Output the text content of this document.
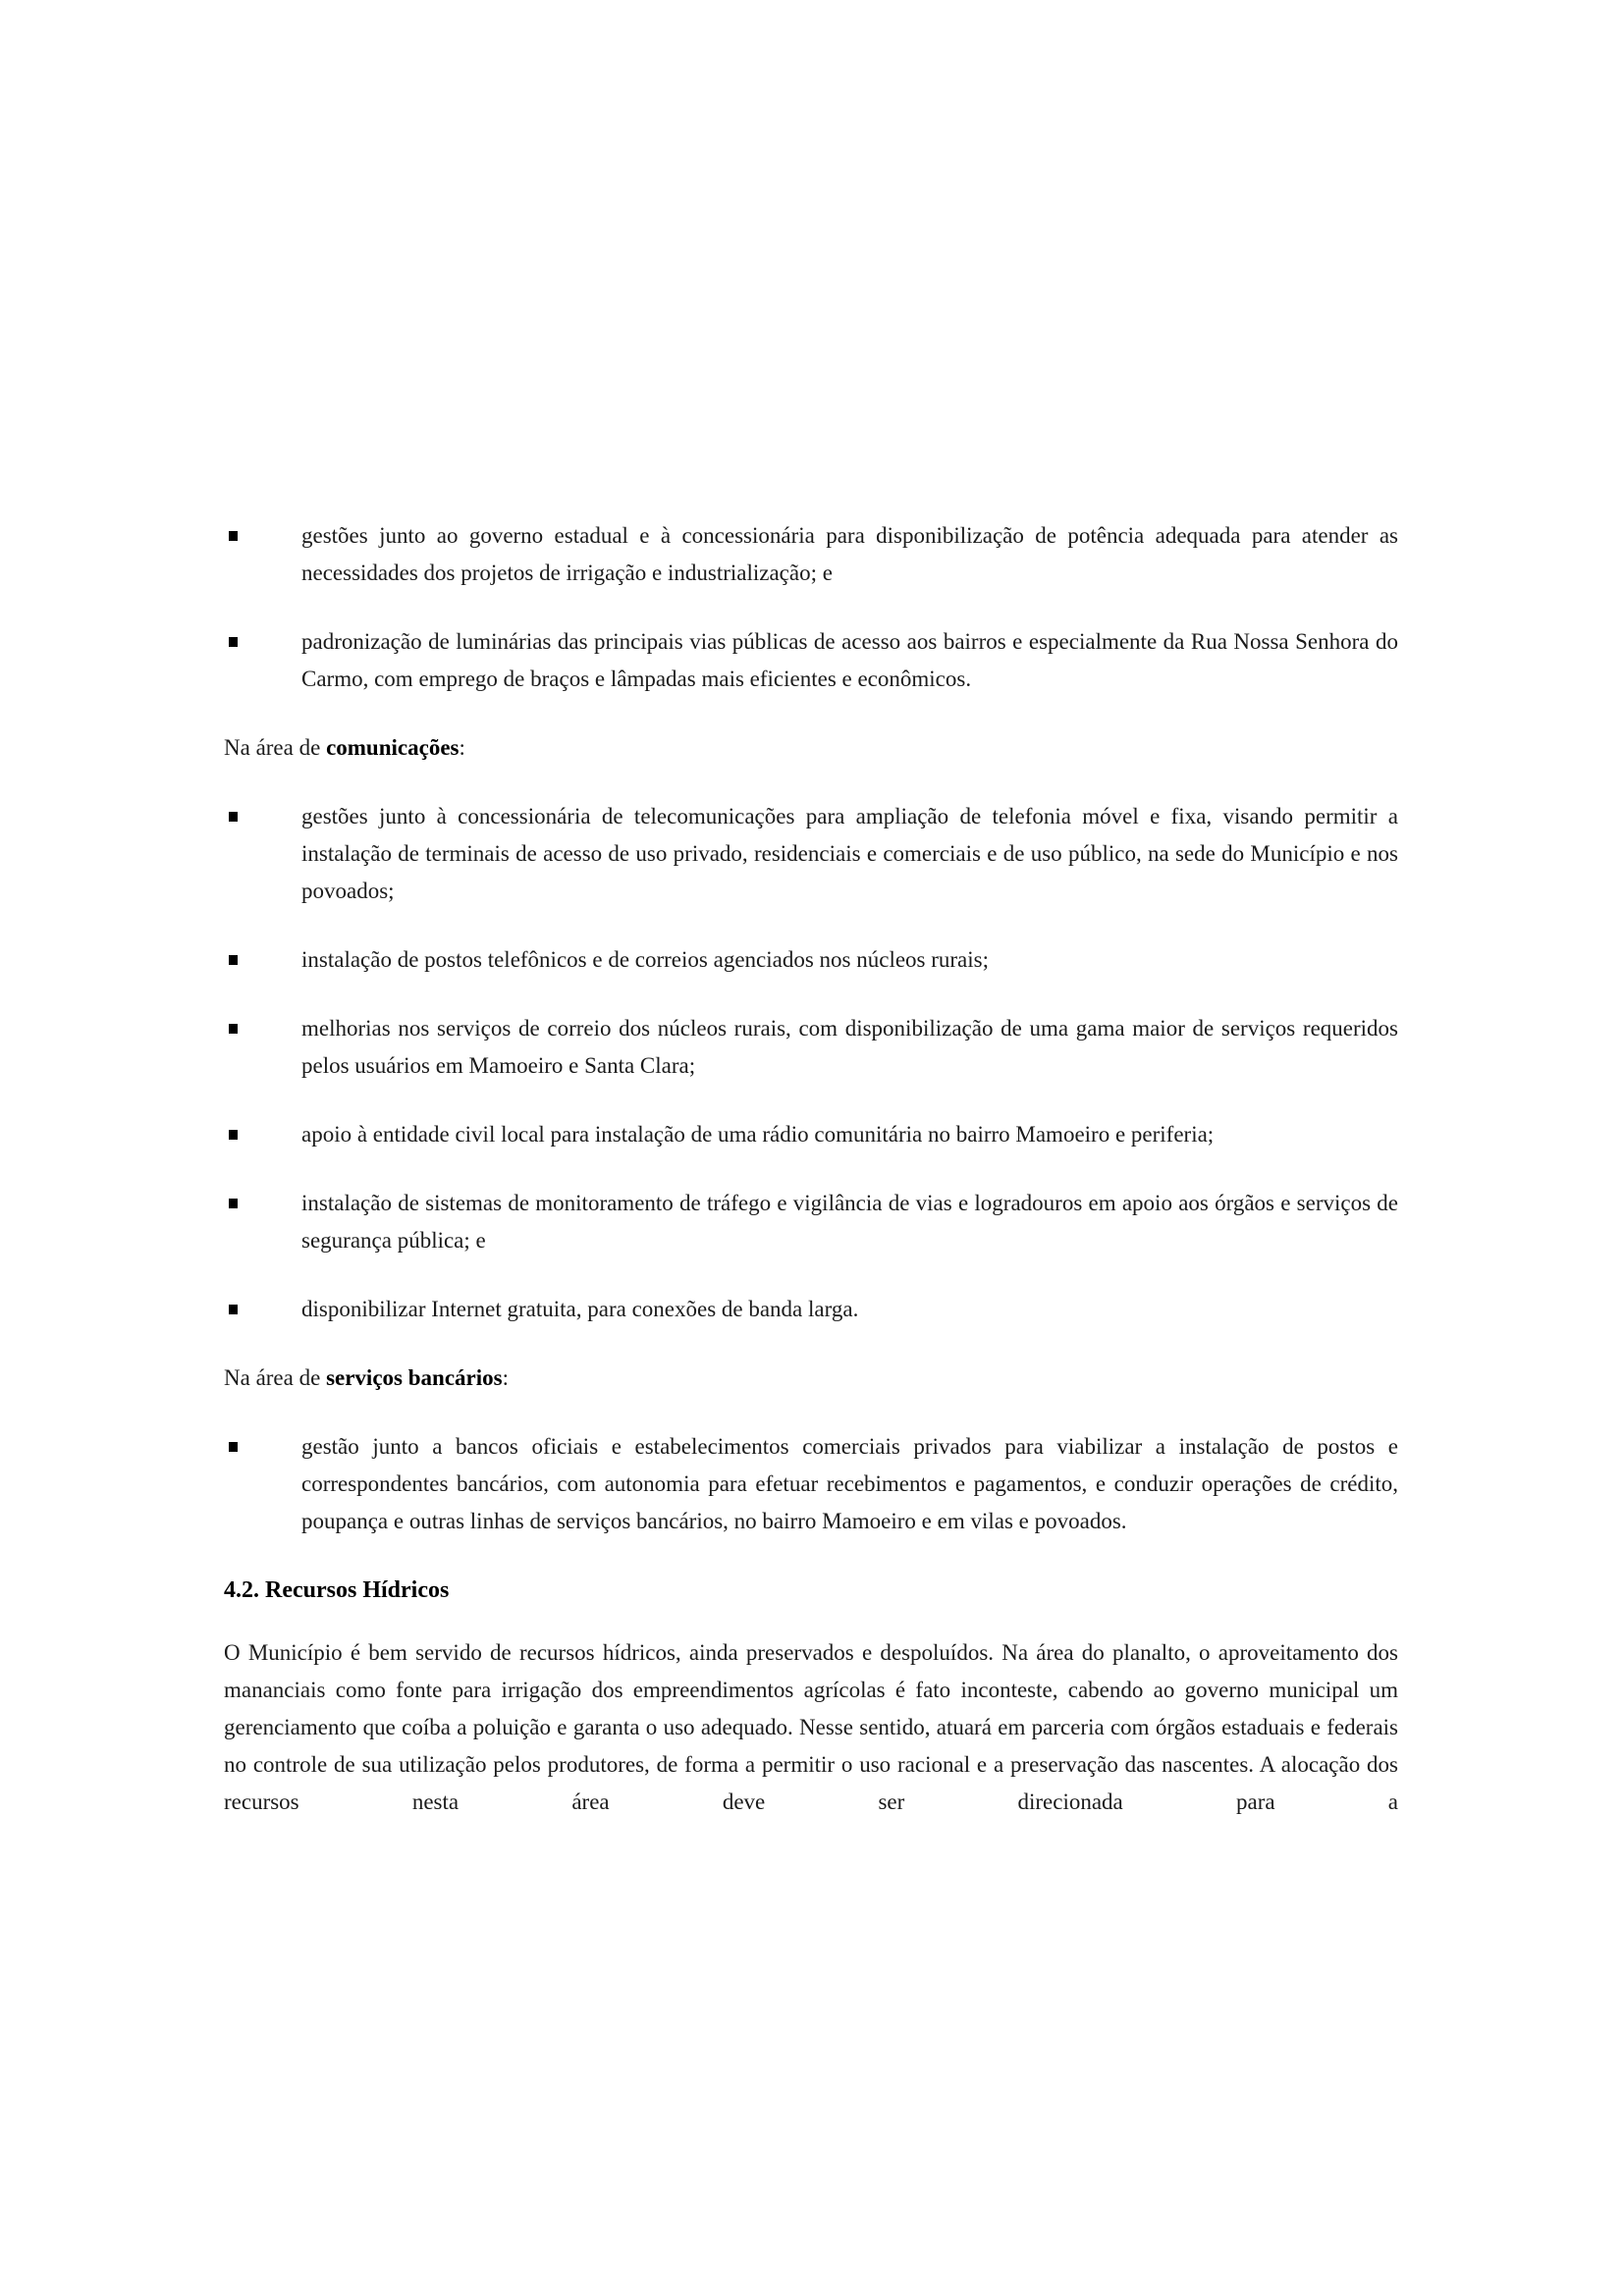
gestões junto ao governo estadual e à concessionária para disponibilização de potência adequada para atender as necessidades dos projetos de irrigação e industrialização; e
padronização de luminárias das principais vias públicas de acesso aos bairros e especialmente da Rua Nossa Senhora do Carmo, com emprego de braços e lâmpadas mais eficientes e econômicos.

Na área de comunicações:

gestões junto à concessionária de telecomunicações para ampliação de telefonia móvel e fixa, visando permitir a instalação de terminais de acesso de uso privado, residenciais e comerciais e de uso público, na sede do Município e nos povoados;
instalação de postos telefônicos e de correios agenciados nos núcleos rurais;
melhorias nos serviços de correio dos núcleos rurais, com disponibilização de uma gama maior de serviços requeridos pelos usuários em Mamoeiro e Santa Clara;
apoio à entidade civil local para instalação de uma rádio comunitária no bairro Mamoeiro e periferia;
instalação de sistemas de monitoramento de tráfego e vigilância de vias e logradouros em apoio aos órgãos e serviços de segurança pública; e
disponibilizar Internet gratuita, para conexões de banda larga.

Na área de serviços bancários:

gestão junto a bancos oficiais e estabelecimentos comerciais privados para viabilizar a instalação de postos e correspondentes bancários, com autonomia para efetuar recebimentos e pagamentos, e conduzir operações de crédito, poupança e outras linhas de serviços bancários, no bairro Mamoeiro e em vilas e povoados.
4.2. Recursos Hídricos

O Município é bem servido de recursos hídricos, ainda preservados e despoluídos. Na área do planalto, o aproveitamento dos mananciais como fonte para irrigação dos empreendimentos agrícolas é fato inconteste, cabendo ao governo municipal um gerenciamento que coíba a poluição e garanta o uso adequado. Nesse sentido, atuará em parceria com órgãos estaduais e federais no controle de sua utilização pelos produtores, de forma a permitir o uso racional e a preservação das nascentes. A alocação dos recursos nesta área deve ser direcionada para a
